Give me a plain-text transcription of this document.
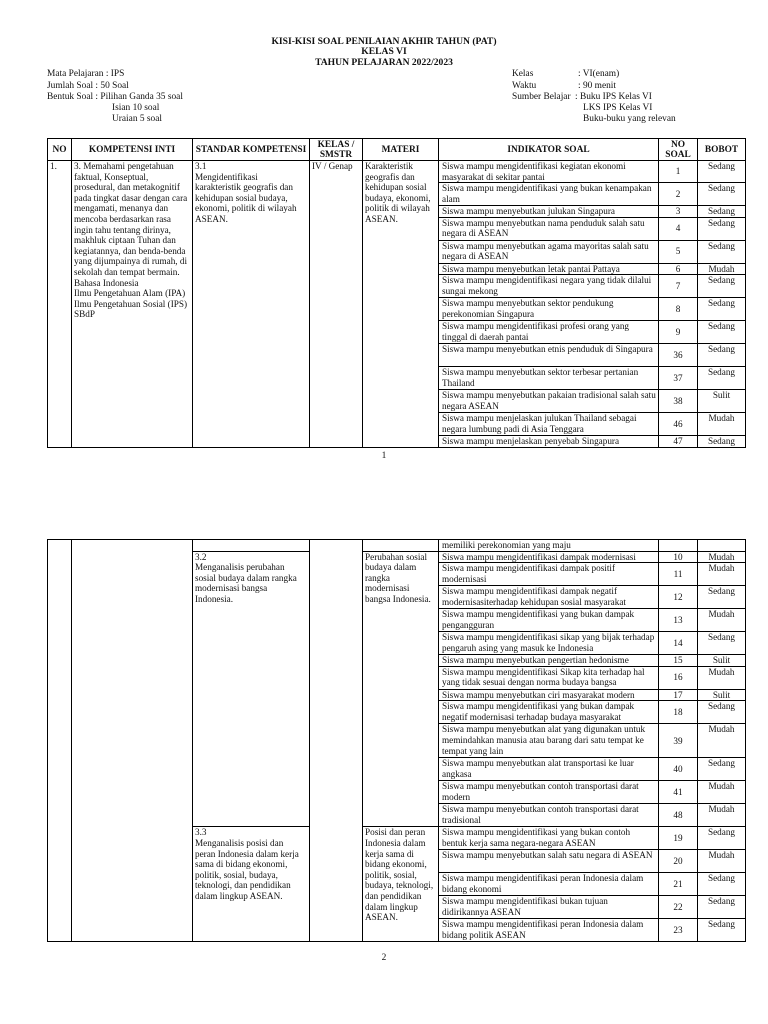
KISI-KISI SOAL PENILAIAN AKHIR TAHUN (PAT)
KELAS VI
TAHUN PELAJARAN 2022/2023
Mata Pelajaran : IPS
Jumlah Soal : 50 Soal
Bentuk Soal : Pilihan Ganda 35 soal
Isian 10 soal
Uraian 5 soal
Kelas	: VI(enam)
Waktu	: 90 menit
Sumber Belajar : Buku IPS Kelas VI
LKS IPS Kelas VI
Buku-buku yang relevan
NO	KOMPETENSI INTI	STANDAR KOMPETENSI	KELAS / SMSTR	MATERI	INDIKATOR SOAL	NO SOAL	BOBOT
1.	3. Memahami pengetahuan faktual, Konseptual, prosedural, dan metakognitif pada tingkat dasar dengan cara mengamati, menanya dan mencoba berdasarkan rasa ingin tahu tentang dirinya, makhluk ciptaan Tuhan dan kegiatannya, dan benda-benda yang dijumpainya di rumah, di sekolah dan tempat bermain.
Bahasa Indonesia
Ilmu Pengetahuan Alam (IPA)
Ilmu Pengetahuan Sosial (IPS)
SBdP	3.1Mengidentifikasi karakteristik geografis dan kehidupan sosial budaya, ekonomi, politik di wilayah ASEAN.	IV / Genap	Karakteristik geografis dan kehidupan sosial budaya, ekonomi, politik di wilayah ASEAN.	Siswa mampu mengidentifikasi kegiatan ekonomi masyarakat di sekitar pantai	1	Sedang
					Siswa mampu mengidentifikasi yang bukan kenampakan alam	2	Sedang
					Siswa mampu menyebutkan julukan Singapura	3	Sedang
					Siswa mampu menyebutkan nama penduduk salah satu negara di ASEAN	4	Sedang
					Siswa mampu menyebutkan agama mayoritas salah satu negara di ASEAN	5	Sedang
					Siswa mampu menyebutkan letak pantai Pattaya	6	Mudah
					Siswa mampu mengidentifikasi negara yang tidak dilalui sungai mekong	7	Sedang
					Siswa mampu menyebutkan sektor pendukung perekonomian Singapura	8	Sedang
					Siswa mampu mengidentifikasi profesi orang yang tinggal di daerah pantai	9	Sedang
					Siswa mampu menyebutkan etnis penduduk di Singapura	36	Sedang
					Siswa mampu menyebutkan sektor terbesar pertanian Thailand	37	Sedang
					Siswa mampu menyebutkan pakaian tradisional salah satu negara ASEAN	38	Sulit
					Siswa mampu menjelaskan julukan Thailand sebagai negara lumbung padi di Asia Tenggara	46	Mudah
					Siswa mampu menjelaskan penyebab Singapura	47	Sedang
1
					memiliki perekonomian yang maju		
		3.2Menganalisis perubahan sosial budaya dalam rangka modernisasi bangsa Indonesia.		Perubahan sosial budaya dalam rangka modernisasi bangsa Indonesia.	Siswa mampu mengidentifikasi dampak modernisasi	10	Mudah
					Siswa mampu mengidentifikasi dampak positif modernisasi	11	Mudah
					Siswa mampu mengidentifikasi dampak negatif modernisasiterhadap kehidupan sosial masyarakat	12	Sedang
					Siswa mampu mengidentifikasi yang bukan dampak pengangguran	13	Mudah
					Siswa mampu mengidentifikasi sikap yang bijak terhadap pengaruh asing yang masuk ke Indonesia	14	Sedang
					Siswa mampu menyebutkan pengertian hedonisme	15	Sulit
					Siswa mampu mengidentifikasi Sikap kita terhadap hal yang tidak sesuai dengan norma budaya bangsa	16	Mudah
					Siswa mampu menyebutkan ciri masyarakat modern	17	Sulit
					Siswa mampu mengidentifikasi yang bukan dampak negatif modernisasi terhadap budaya masyarakat	18	Sedang
					Siswa mampu menyebutkan alat yang digunakan untuk memindahkan manusia atau barang dari satu tempat ke tempat yang lain	39	Mudah
					Siswa mampu menyebutkan alat transportasi ke luar angkasa	40	Sedang
					Siswa mampu menyebutkan contoh transportasi darat modern	41	Mudah
					Siswa mampu menyebutkan contoh transportasi darat tradisional	48	Mudah
		3.3Menganalisis posisi dan peran Indonesia dalam kerja sama di bidang ekonomi, politik, sosial, budaya, teknologi, dan pendidikan dalam lingkup ASEAN.		Posisi dan peran Indonesia dalam kerja sama di bidang ekonomi, politik, sosial, budaya, teknologi, dan pendidikan dalam lingkup ASEAN.	Siswa mampu mengidentifikasi yang bukan contoh bentuk kerja sama negara-negara ASEAN	19	Sedang
					Siswa mampu menyebutkan salah satu negara di ASEAN	20	Mudah
					Siswa mampu mengidentifikasi peran Indonesia dalam bidang ekonomi	21	Sedang
					Siswa mampu mengidentifikasi bukan tujuan didirikannya ASEAN	22	Sedang
					Siswa mampu mengidentifikasi peran Indonesia dalam bidang politik ASEAN	23	Sedang
2
